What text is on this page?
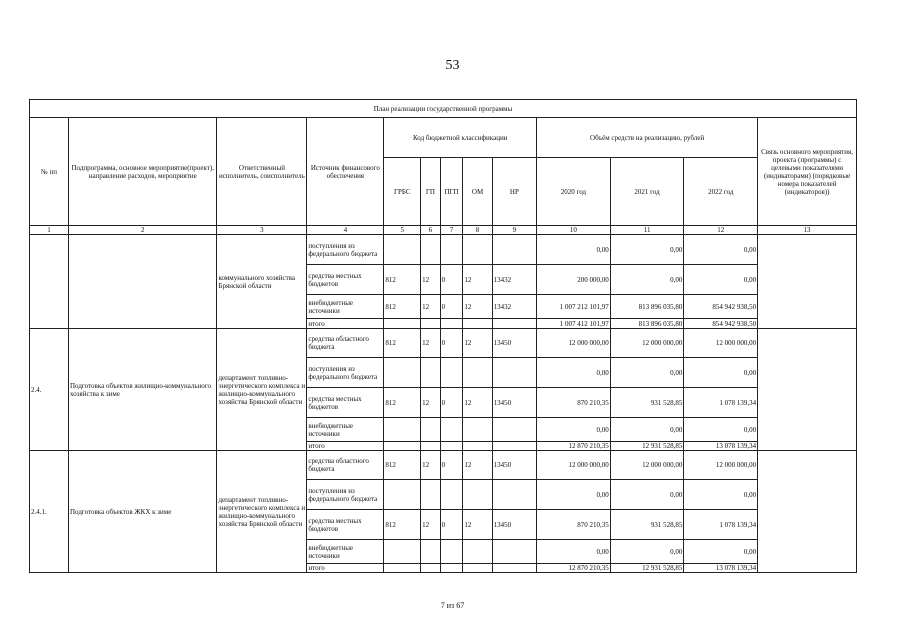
53
План реализации государственной программы												
№ пп	Подпрограмма, основное мероприятие(проект), направление расходов, мероприятие	Ответственный исполнитель, соисполнитель	Источник финансового обеспечения	Код бюджетной классификации					Объём средств на реализацию, рублей			Связь основного мероприятия, проекта (программы) с целевыми показателями (индикаторами) (порядковые номера показателей (индикаторов))
				ГРБС	ГП	ПГП	ОМ	НР	2020 год	2021 год	2022 год	
1	2	3	4	5	6	7	8	9	10	11	12	13
		коммунального хозяйства Брянской области	поступления из федерального бюджета						0,00	0,00	0,00	
			средства местных бюджетов	812	12	0	12	13432	200 000,00	0,00	0,00	
			внебюджетные источники	812	12	0	12	13432	1 007 212 101,97	813 896 035,80	854 942 938,50	
			итого						1 007 412 101,97	813 896 035,80	854 942 938,50	
2.4.	Подготовка объектов жилищно-коммунального хозяйства к зиме	департамент топливно-энергетического комплекса и жилищно-коммунального хозяйства Брянской области	средства областного бюджета	812	12	0	12	13450	12 000 000,00	12 000 000,00	12 000 000,00	
			поступления из федерального бюджета						0,00	0,00	0,00	
			средства местных бюджетов	812	12	0	12	13450	870 210,35	931 528,85	1 078 139,34	
			внебюджетные источники						0,00	0,00	0,00	
			итого						12 870 210,35	12 931 528,85	13 078 139,34	
2.4.1.	Подготовка объектов ЖКХ к зиме	департамент топливно-энергетического комплекса и жилищно-коммунального хозяйства Брянской области	средства областного бюджета	812	12	0	12	13450	12 000 000,00	12 000 000,00	12 000 000,00	
			поступления из федерального бюджета						0,00	0,00	0,00	
			средства местных бюджетов	812	12	0	12	13450	870 210,35	931 528,85	1 078 139,34	
			внебюджетные источники						0,00	0,00	0,00	
			итого						12 870 210,35	12 931 528,85	13 078 139,34	
7 из 67
